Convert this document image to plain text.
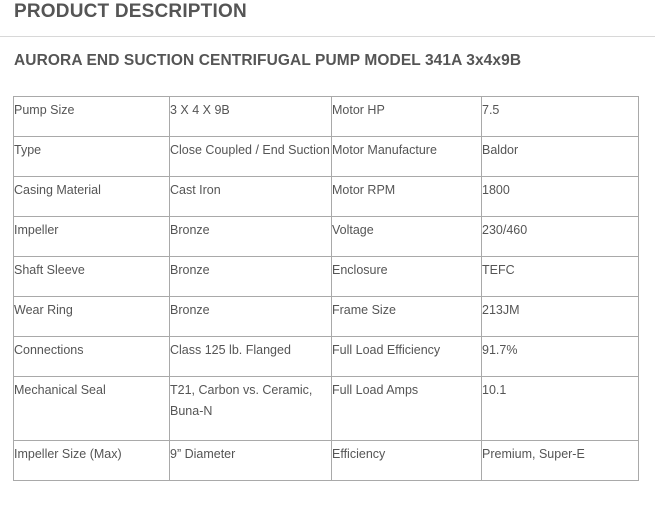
PRODUCT DESCRIPTION
AURORA END SUCTION CENTRIFUGAL PUMP MODEL 341A 3x4x9B
Pump Size	3 X 4 X 9B	Motor HP	7.5
Type	Close Coupled / End Suction	Motor Manufacture	Baldor
Casing Material	Cast Iron	Motor RPM	1800
Impeller	Bronze	Voltage	230/460
Shaft Sleeve	Bronze	Enclosure	TEFC
Wear Ring	Bronze	Frame Size	213JM
Connections	Class 125 lb. Flanged	Full Load Efficiency	91.7%
Mechanical Seal	T21, Carbon vs. Ceramic, Buna-N	Full Load Amps	10.1
Impeller Size (Max)	9” Diameter	Efficiency	Premium, Super-E
